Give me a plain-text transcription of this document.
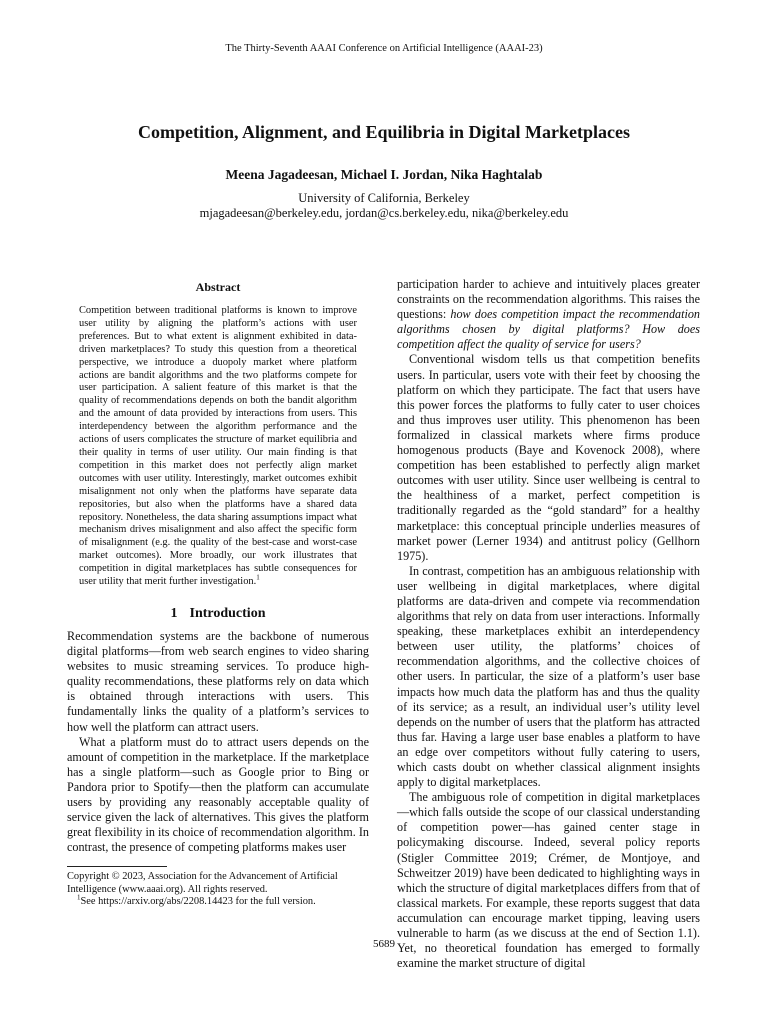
The Thirty-Seventh AAAI Conference on Artificial Intelligence (AAAI-23)
Competition, Alignment, and Equilibria in Digital Marketplaces
Meena Jagadeesan, Michael I. Jordan, Nika Haghtalab
University of California, Berkeley
mjagadeesan@berkeley.edu, jordan@cs.berkeley.edu, nika@berkeley.edu
Abstract

Competition between traditional platforms is known to improve user utility by aligning the platform’s actions with user preferences. But to what extent is alignment exhibited in data-driven marketplaces? To study this question from a theoretical perspective, we introduce a duopoly market where platform actions are bandit algorithms and the two platforms compete for user participation. A salient feature of this market is that the quality of recommendations depends on both the bandit algorithm and the amount of data provided by interactions from users. This interdependency between the algorithm performance and the actions of users complicates the structure of market equilibria and their quality in terms of user utility. Our main finding is that competition in this market does not perfectly align market outcomes with user utility. Interestingly, market outcomes exhibit misalignment not only when the platforms have separate data repositories, but also when the platforms have a shared data repository. Nonetheless, the data sharing assumptions impact what mechanism drives misalignment and also affect the specific form of misalignment (e.g. the quality of the best-case and worst-case market outcomes). More broadly, our work illustrates that competition in digital marketplaces has subtle consequences for user utility that merit further investigation.$^1$

1 Introduction

Recommendation systems are the backbone of numerous digital platforms—from web search engines to video sharing websites to music streaming services. To produce high-quality recommendations, these platforms rely on data which is obtained through interactions with users. This fundamentally links the quality of a platform’s services to how well the platform can attract users.

What a platform must do to attract users depends on the amount of competition in the marketplace. If the marketplace has a single platform—such as Google prior to Bing or Pandora prior to Spotify—then the platform can accumulate users by providing any reasonably acceptable quality of service given the lack of alternatives. This gives the platform great flexibility in its choice of recommendation algorithm. In contrast, the presence of competing platforms makes user

Copyright © 2023, Association for the Advancement of Artificial Intelligence (www.aaai.org). All rights reserved.

$^1$See https://arxiv.org/abs/2208.14423 for the full version.

participation harder to achieve and intuitively places greater constraints on the recommendation algorithms. This raises the questions: how does competition impact the recommendation algorithms chosen by digital platforms? How does competition affect the quality of service for users?

Conventional wisdom tells us that competition benefits users. In particular, users vote with their feet by choosing the platform on which they participate. The fact that users have this power forces the platforms to fully cater to user choices and thus improves user utility. This phenomenon has been formalized in classical markets where firms produce homogenous products (Baye and Kovenock 2008), where competition has been established to perfectly align market outcomes with user utility. Since user wellbeing is central to the healthiness of a market, perfect competition is traditionally regarded as the “gold standard” for a healthy marketplace: this conceptual principle underlies measures of market power (Lerner 1934) and antitrust policy (Gellhorn 1975).

In contrast, competition has an ambiguous relationship with user wellbeing in digital marketplaces, where digital platforms are data-driven and compete via recommendation algorithms that rely on data from user interactions. Informally speaking, these marketplaces exhibit an interdependency between user utility, the platforms’ choices of recommendation algorithms, and the collective choices of other users. In particular, the size of a platform’s user base impacts how much data the platform has and thus the quality of its service; as a result, an individual user’s utility level depends on the number of users that the platform has attracted thus far. Having a large user base enables a platform to have an edge over competitors without fully catering to users, which casts doubt on whether classical alignment insights apply to digital marketplaces.

The ambiguous role of competition in digital marketplaces—which falls outside the scope of our classical understanding of competition power—has gained center stage in policymaking discourse. Indeed, several policy reports (Stigler Committee 2019; Crémer, de Montjoye, and Schweitzer 2019) have been dedicated to highlighting ways in which the structure of digital marketplaces differs from that of classical markets. For example, these reports suggest that data accumulation can encourage market tipping, leaving users vulnerable to harm (as we discuss at the end of Section 1.1). Yet, no theoretical foundation has emerged to formally examine the market structure of digital

5689
